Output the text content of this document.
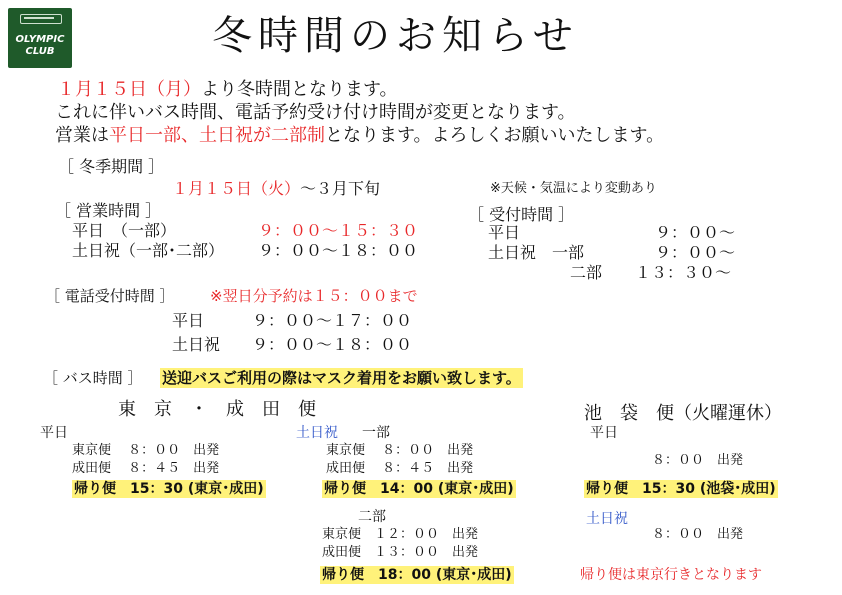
OLYMPIC
CLUB	冬時間のお知らせ
１月１５日（月）より冬時間となります。
これに伴いバス時間、電話予約受け付け時間が変更となります。
営業は平日一部、土日祝が二部制となります。よろしくお願いいたします。
［ 冬季期間 ］
１月１５日（火）～３月下旬	※天候・気温により変動あり
［ 営業時間 ］
平日　（一部）	９：００～１５：３０
土日祝（一部･二部） ９：００～１８：００
［ 受付時間 ］
平日	９：００～
土日祝　一部	９：００～
二部 １３：３０～
［ 電話受付時間 ］ ※翌日分予約は１５：００まで
平日	９：００～１７：００
土日祝 ９：００～１８：００
［ バス時間 ］ 送迎バスご利用の際はマスク着用をお願い致します。
東　京　・　成　田　便
平日
東京便　 ８：００　出発
成田便　 ８：４５　出発
帰り便　15：30 (東京･成田)
土日祝 一部
東京便　 ８：００　出発
成田便　 ８：４５　出発
帰り便　14：00 (東京･成田)
二部
東京便　１２：００　出発
成田便　１３：００　出発
帰り便　18：00 (東京･成田)
池　袋　便（火曜運休）
平日
８：００　出発
帰り便　15：30 (池袋･成田)
土日祝
８：００　出発
帰り便は東京行きとなります
